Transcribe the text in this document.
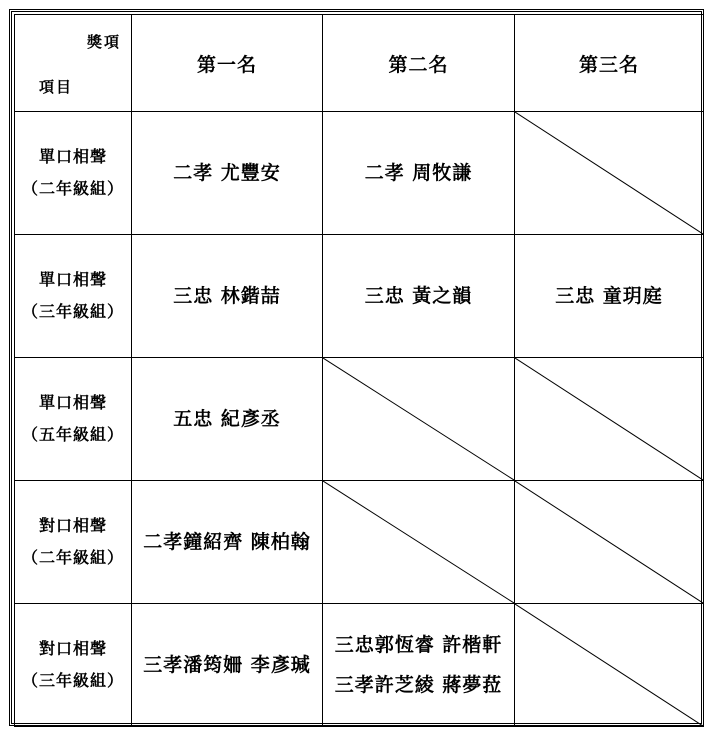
獎項
項目	第一名	第二名	第三名

單口相聲
（二年級組）	二孝 尤豐安	二孝 周牧謙

單口相聲
（三年級組）	三忠 林鍇喆	三忠 黃之韻	三忠 童玥庭

單口相聲
（五年級組）	五忠 紀彥丞

對口相聲
（二年級組）	二孝鐘紹齊 陳柏翰

對口相聲
（三年級組）	三孝潘筠姍 李彥瑊	三忠郭恆睿 許楷軒
三孝許芝綾 蔣夢菈
